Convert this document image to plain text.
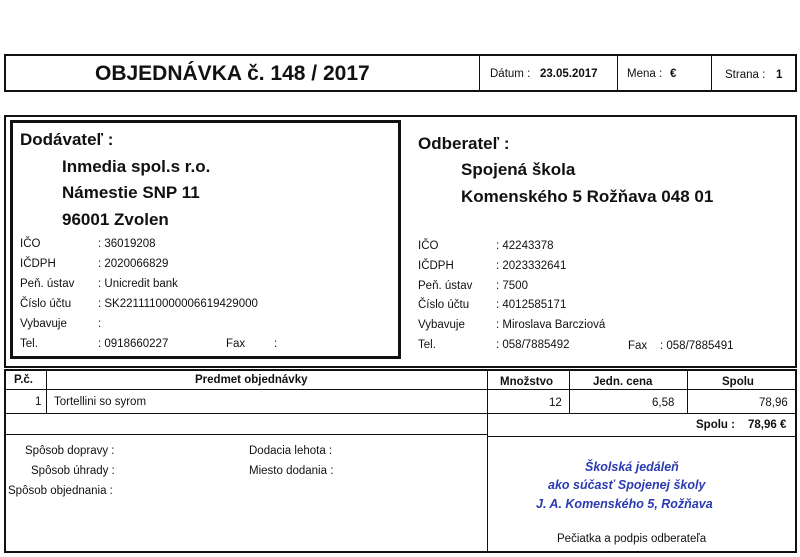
OBJEDNÁVKA č. 148 / 2017	Dátum : 23.05.2017	Mena : €	Strana : 1
Dodávateľ :
Inmedia spol.s r.o.
Námestie SNP 11
96001 Zvolen
IČO	: 36019208
IČDPH	: 2020066829
Peň. ústav : Unicredit bank
Číslo účtu : SK2211110000006619429000
Vybavuje	:
Tel.	: 0918660227	Fax	:
Odberateľ :
Spojená škola
Komenského 5 Rožňava 048 01
IČO	: 42243378
IČDPH	: 2023332641
Peň. ústav : 7500
Číslo účtu : 4012585171
Vybavuje	: Miroslava Barcziová
Tel.	: 058/7885492	Fax : 058/7885491
P.č.	Predmet objednávky	Množstvo	Jedn. cena	Spolu
1 Tortellini so syrom	12	6,58	78,96
Spolu : 78,96 €
Spôsob dopravy :
Spôsob úhrady :
Spôsob objednania :
Dodacia lehota :
Miesto dodania :	Školská jedáleň
ako súčasť Spojenej školy
J. A. Komenského 5, Rožňava
Pečiatka a podpis odberateľa
